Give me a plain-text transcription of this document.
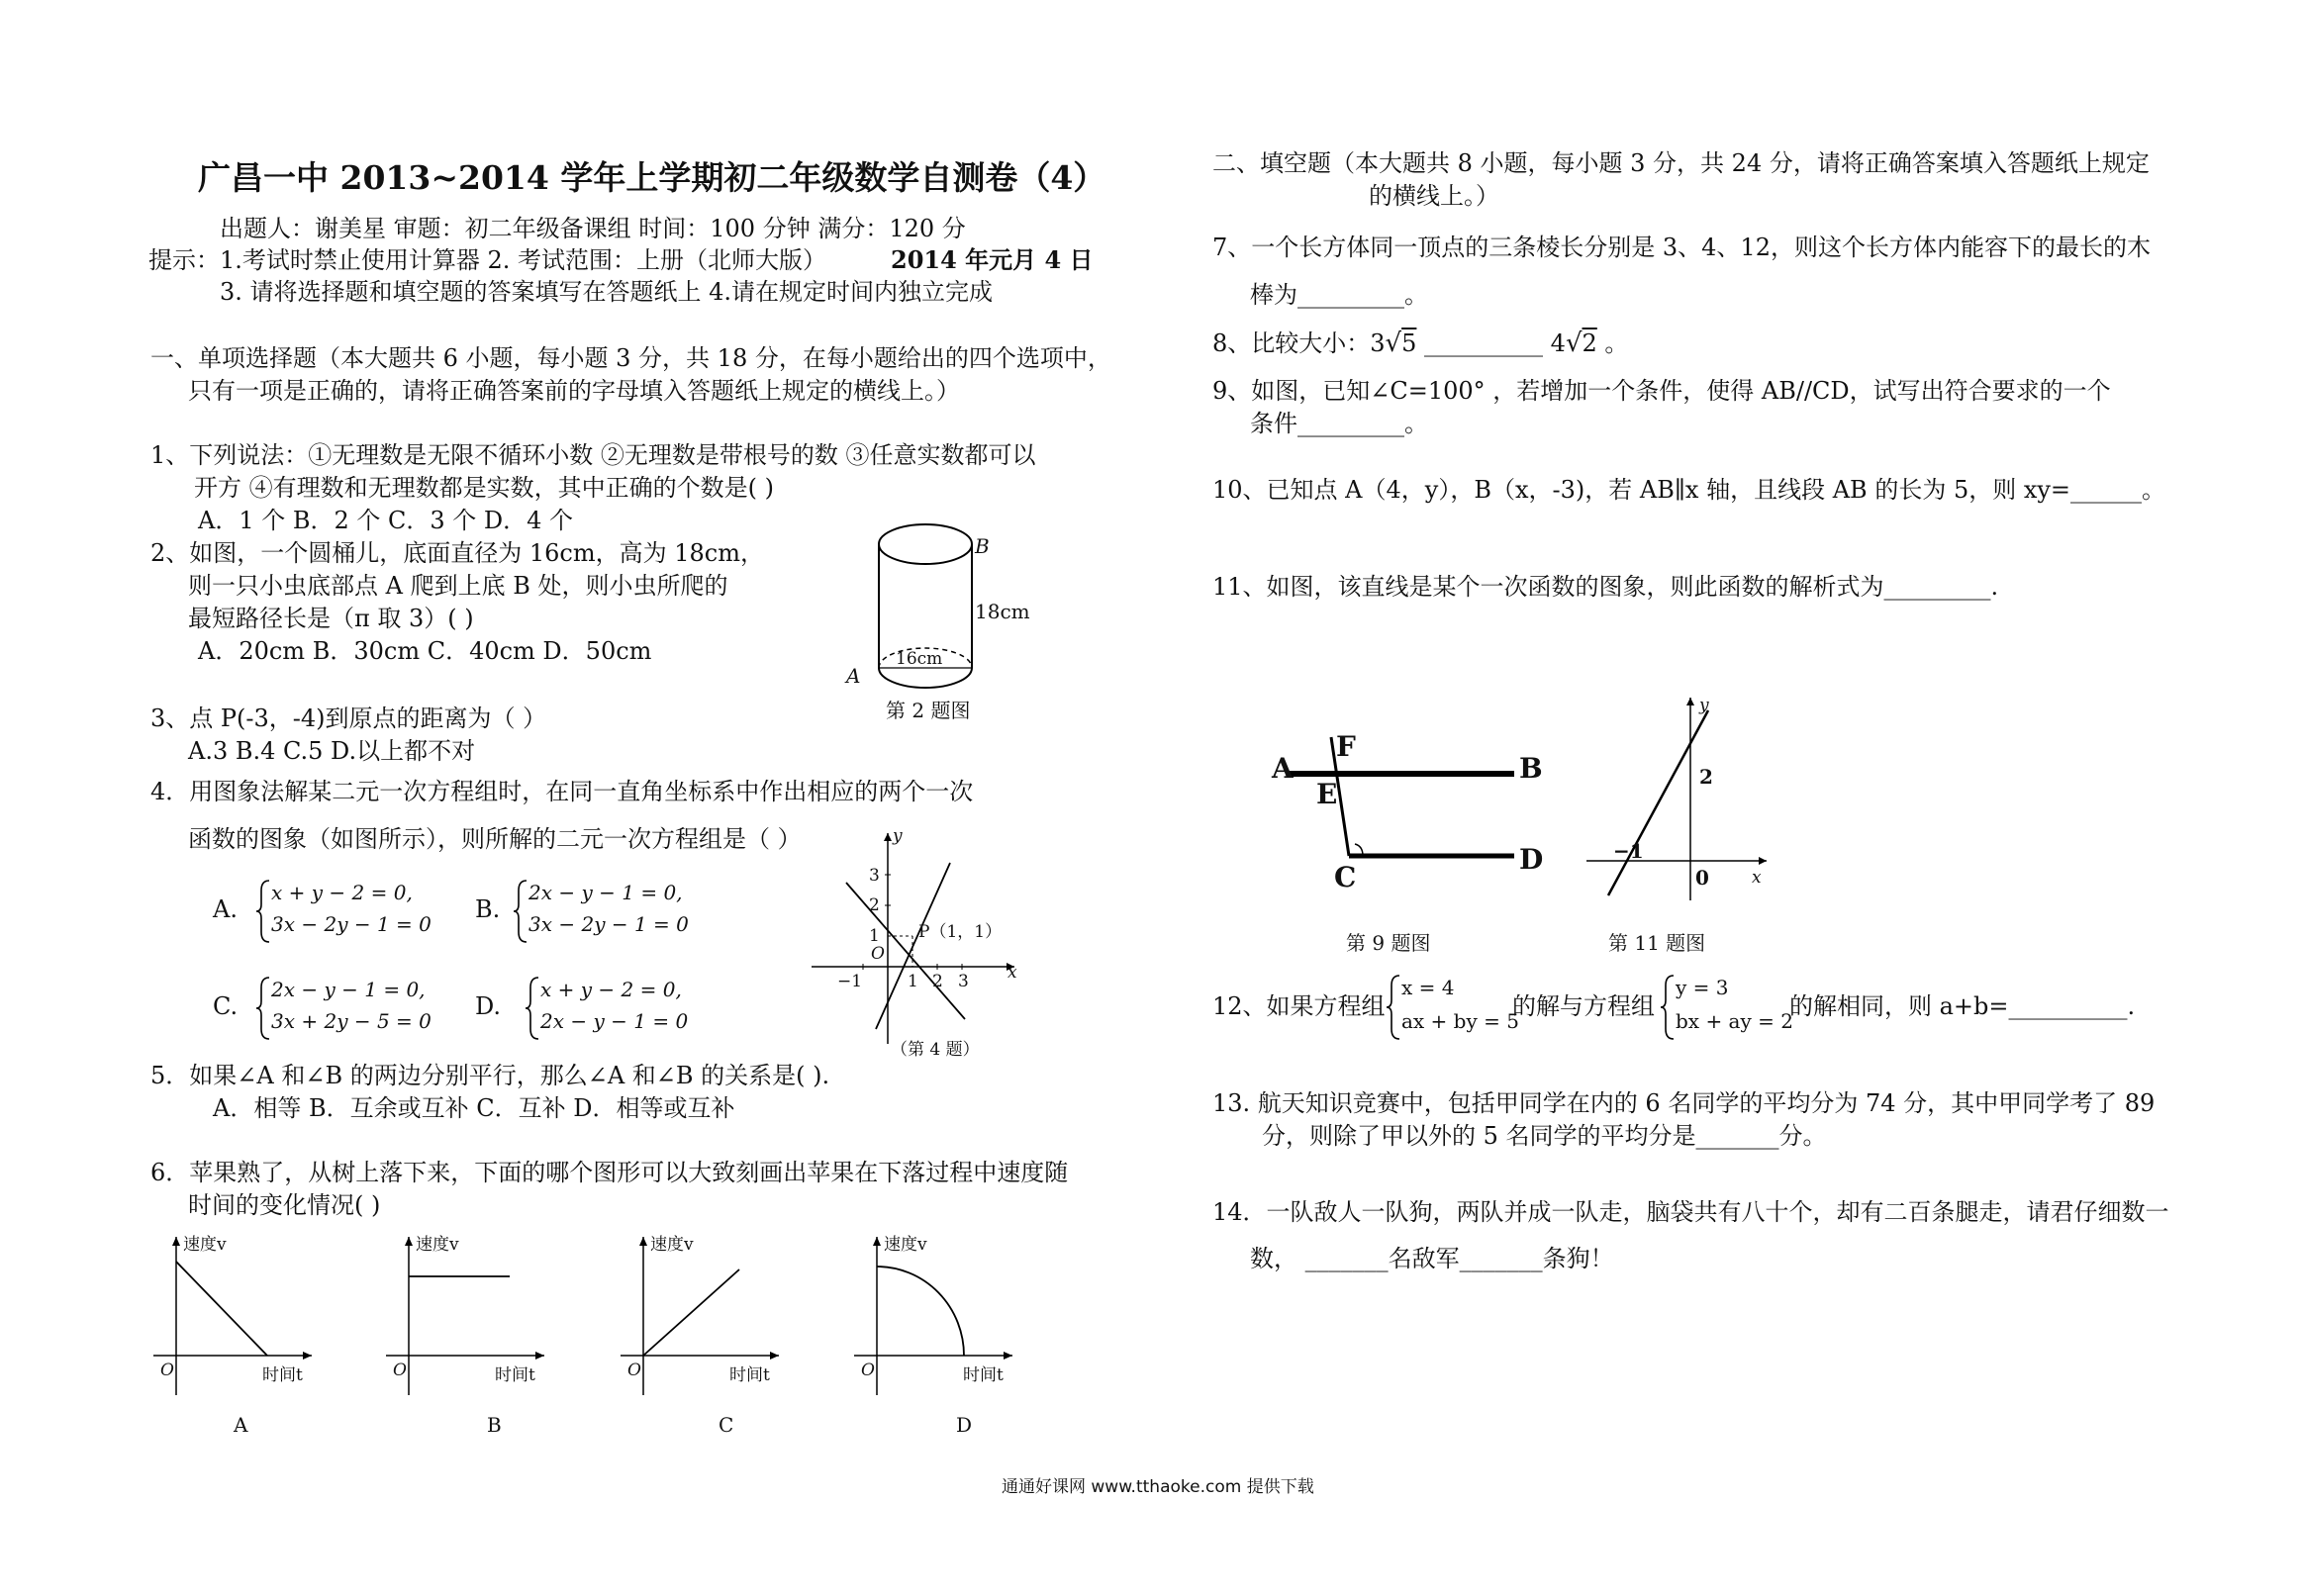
广昌一中 2013~2014 学年上学期初二年级数学自测卷（4）
出题人：谢美星 审题：初二年级备课组 时间：100 分钟 满分：120 分
提示：1.考试时禁止使用计算器 2. 考试范围：上册（北师大版）	2014 年元月 4 日
3. 请将选择题和填空题的答案填写在答题纸上 4.请在规定时间内独立完成
一、单项选择题（本大题共 6 小题，每小题 3 分，共 18 分，在每小题给出的四个选项中，
只有一项是正确的，请将正确答案前的字母填入答题纸上规定的横线上。）
1、下列说法：①无理数是无限不循环小数 ②无理数是带根号的数 ③任意实数都可以
开方 ④有理数和无理数都是实数，其中正确的个数是( )
A．1 个 B．2 个 C．3 个 D．4 个
2、如图，一个圆桶儿，底面直径为 16cm，高为 18cm，
则一只小虫底部点 A 爬到上底 B 处，则小虫所爬的
最短路径长是（π 取 3）( )
A．20cm B．30cm C．40cm D．50cm
B
A
18cm
16cm
第 2 题图
3、点 P(-3，-4)到原点的距离为（ ）
A.3 B.4 C.5 D.以上都不对
4．用图象法解某二元一次方程组时，在同一直角坐标系中作出相应的两个一次
函数的图象（如图所示），则所解的二元一次方程组是（ ）
A.
x + y − 2 = 0,
3x − 2y − 1 = 0
B.
2x − y − 1 = 0,
3x − 2y − 1 = 0
C.
2x − y − 1 = 0,
3x + 2y − 5 = 0
D.
x + y − 2 = 0,
2x − y − 1 = 0
y
x
P（1，1）
O
3
2
1
1 2 3
−1
（第 4 题）
5．如果∠A 和∠B 的两边分别平行，那么∠A 和∠B 的关系是( ).
A．相等 B．互余或互补 C．互补 D．相等或互补
6．苹果熟了，从树上落下来，下面的哪个图形可以大致刻画出苹果在下落过程中速度随
时间的变化情况( )
速度v	速度v	速度v	速度v
时间t	时间t	时间t	时间t
O	O	O	O
A	B	C	D
二、填空题（本大题共 8 小题，每小题 3 分，共 24 分，请将正确答案填入答题纸上规定
的横线上。）
7、一个长方体同一顶点的三条棱长分别是 3、4、12，则这个长方体内能容下的最长的木
棒为_________。
8、比较大小：3√5 __________ 4√2 。
9、如图，已知∠C=100° ，若增加一个条件，使得 AB//CD，试写出符合要求的一个
条件_________。
10、已知点 A（4，y），B（x，-3)，若 AB∥x 轴，且线段 AB 的长为 5，则 xy=______。
11、如图，该直线是某个一次函数的图象，则此函数的解析式为_________.
A	B
F
E
C
D
第 9 题图
y
x
2
−1
0
第 11 题图
12、如果方程组
x = 4
ax + by = 5
的解与方程组
y = 3
bx + ay = 2
的解相同，则 a+b=__________.
13. 航天知识竞赛中，包括甲同学在内的 6 名同学的平均分为 74 分，其中甲同学考了 89
分，则除了甲以外的 5 名同学的平均分是_______分。
14．一队敌人一队狗，两队并成一队走，脑袋共有八十个，却有二百条腿走，请君仔细数一
数， _______名敌军_______条狗！
通通好课网 www.tthaoke.com 提供下载
